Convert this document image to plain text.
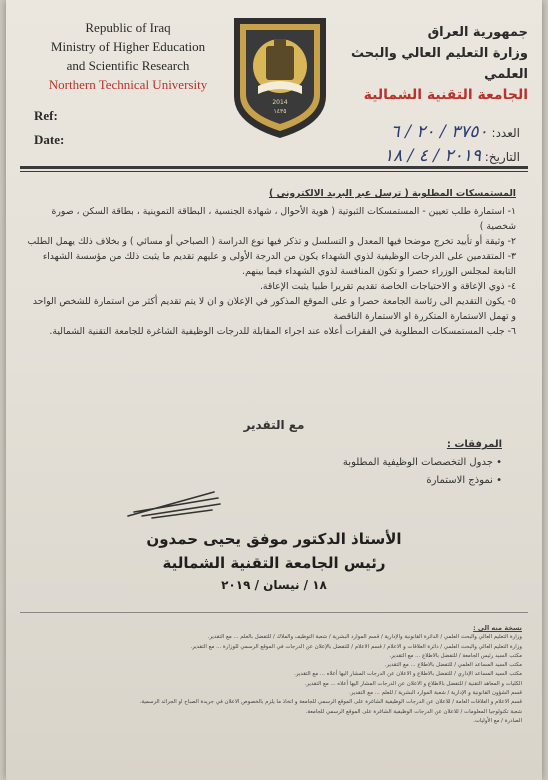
Republic of Iraq
Ministry of Higher Education
and Scientific Research
Northern Technical University
Ref:
Date:
2014
١٤٣٥
جمهورية العراق
وزارة التعليم العالي والبحث العلمي
الجامعة التقنية الشمالية
العدد: ٣٧٥٠ / ٢٠ / ٦
التاريخ: ٢٠١٩ / ٤ / ١٨

المستمسكات المطلوبة ( ترسل عبر البريد الالكتروني )

١- استمارة طلب تعيين - المستمسكات الثبوتية ( هوية الأحوال ، شهادة الجنسية ، البطاقة التموينية ، بطاقة السكن ، صورة شخصية )

٢- وثيقة أو تأييد تخرج موضحا فيها المعدل و التسلسل و تذكر فيها نوع الدراسة ( الصباحي أو مسائي ) و بخلاف ذلك يهمل الطلب

٣- المتقدمين على الدرجات الوظيفية لذوي الشهداء يكون من الدرجة الأولى و عليهم تقديم ما يثبت ذلك من مؤسسة الشهداء التابعة لمجلس الوزراء حصرا و تكون المنافسة لذوي الشهداء فيما بينهم.

٤- ذوي الإعاقة و الاحتياجات الخاصة تقديم تقريرا طبيا يثبت الإعاقة.

٥- يكون التقديم الى رئاسة الجامعة حصرا و على الموقع المذكور في الإعلان و ان لا يتم تقديم أكثر من استمارة للشخص الواحد و تهمل الاستمارة المتكررة او الاستمارة الناقصة

٦- جلب المستمسكات المطلوبة في الفقرات أعلاه عند اجراء المقابلة للدرجات الوظيفية الشاغرة للجامعة التقنية الشمالية.

مع التقدير
المرفقات :
• جدول التخصصات الوظيفية المطلوبة
• نموذج الاستمارة
الأستاذ الدكتور موفق يحيى حمدون
رئيس الجامعة التقنية الشمالية
١٨ / نيسان / ٢٠١٩
نسخة منه الى :
وزارة التعليم العالي والبحث العلمي / الدائرة القانونية والإدارية / قسم الموارد البشرية / شعبة التوظيف والملاك / للتفضل بالعلم ... مع التقدير.
وزارة التعليم العالي والبحث العلمي / دائرة العلاقات و الاعلام / قسم الاعلام / للتفضل بالإعلان عن الدرجات في الموقع الرسمي للوزارة ... مع التقدير.
مكتب السيد رئيس الجامعة / للتفضل بالاطلاع ... مع التقدير.
مكتب السيد المساعد العلمي / للتفضل بالاطلاع ... مع التقدير.
مكتب السيد المساعد الإداري / للتفضل بالاطلاع و الاعلان عن الدرجات المشار اليها أعلاه ... مع التقدير.
الكليات و المعاهد التقنية / للتفضل بالاطلاع و الاعلان عن الدرجات المشار اليها أعلاه ... مع التقدير.
قسم الشؤون القانونية و الإدارية / شعبة الموارد البشرية / للعلم ... مع التقدير.
قسم الاعلام و العلاقات العامة / للاعلان عن الدرجات الوظيفية الشاغرة على الموقع الرسمي للجامعة و اتخاذ ما يلزم بالخصوص الاعلان في جريدة الصباح او الجرائد الرسمية.
شعبة تكنولوجيا المعلومات / للاعلان عن الدرجات الوظيفية الشاغرة على الموقع الرسمي للجامعة.
الصادرة / مع الأوليات.
